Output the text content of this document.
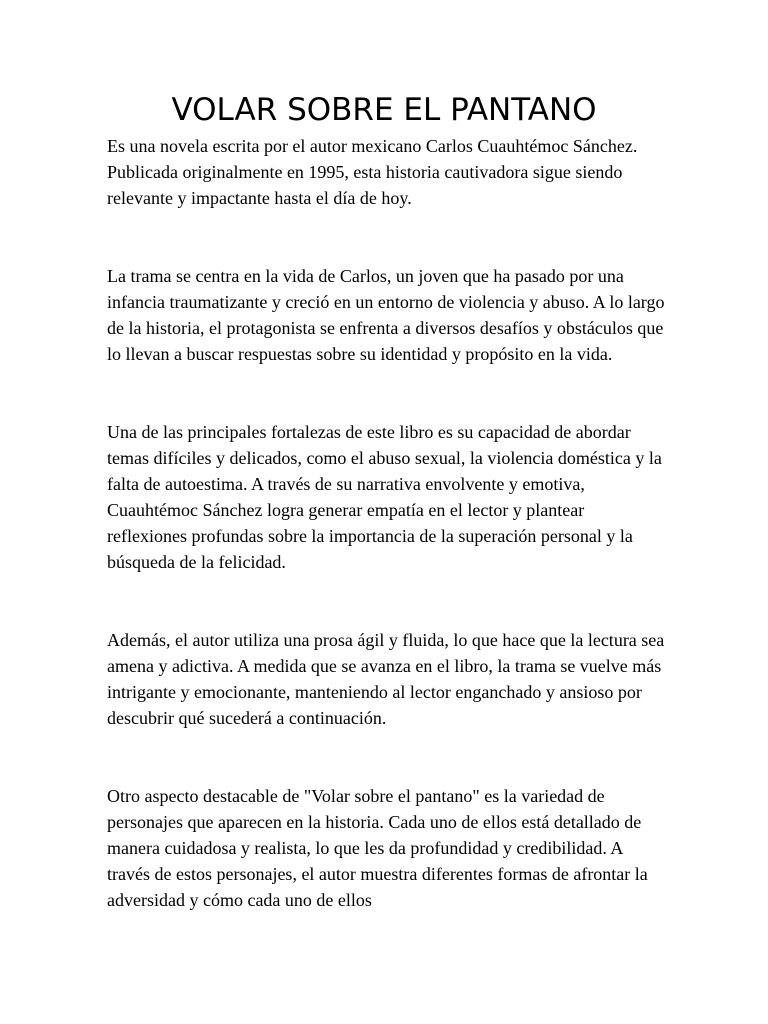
VOLAR SOBRE EL PANTANO

Es una novela escrita por el autor mexicano Carlos Cuauhtémoc Sánchez. Publicada originalmente en 1995, esta historia cautivadora sigue siendo relevante y impactante hasta el día de hoy.

La trama se centra en la vida de Carlos, un joven que ha pasado por una infancia traumatizante y creció en un entorno de violencia y abuso. A lo largo de la historia, el protagonista se enfrenta a diversos desafíos y obstáculos que lo llevan a buscar respuestas sobre su identidad y propósito en la vida.

Una de las principales fortalezas de este libro es su capacidad de abordar temas difíciles y delicados, como el abuso sexual, la violencia doméstica y la falta de autoestima. A través de su narrativa envolvente y emotiva, Cuauhtémoc Sánchez logra generar empatía en el lector y plantear reflexiones profundas sobre la importancia de la superación personal y la búsqueda de la felicidad.

Además, el autor utiliza una prosa ágil y fluida, lo que hace que la lectura sea amena y adictiva. A medida que se avanza en el libro, la trama se vuelve más intrigante y emocionante, manteniendo al lector enganchado y ansioso por descubrir qué sucederá a continuación.

Otro aspecto destacable de "Volar sobre el pantano" es la variedad de personajes que aparecen en la historia. Cada uno de ellos está detallado de manera cuidadosa y realista, lo que les da profundidad y credibilidad. A través de estos personajes, el autor muestra diferentes formas de afrontar la adversidad y cómo cada uno de ellos
